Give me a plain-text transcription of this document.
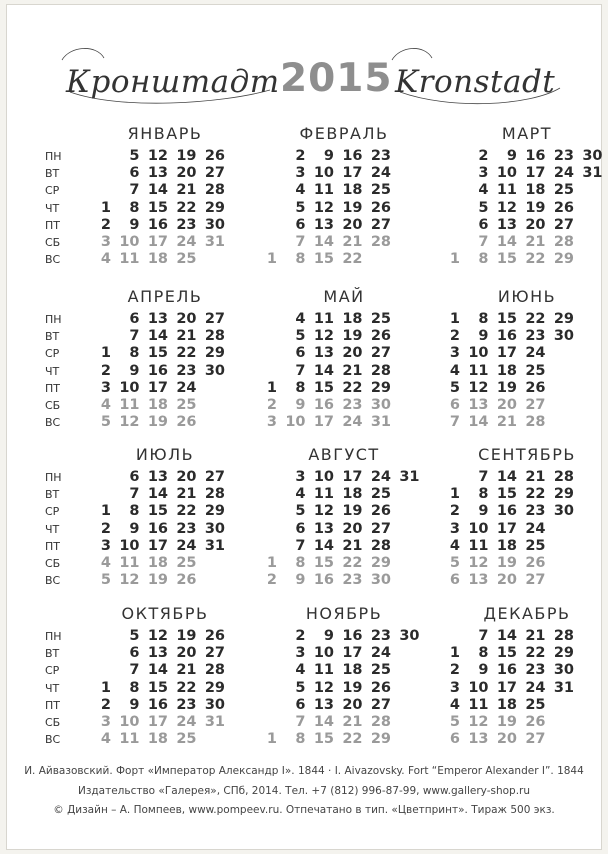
Кронштадт 2015 Kronstadt
ЯНВАРЬ
ПН
ВТ
СР
ЧТ
ПТ
СБ
ВС
1
2
3
4
5
6
7
8
9
10
11
12
13
14
15
16
17
18
19
20
21
22
23
24
25
26
27
28
29
30
31
ФЕВРАЛЬ
1
2
3
4
5
6
7
8
9
10
11
12
13
14
15
16
17
18
19
20
21
22
23
24
25
26
27
28
МАРТ
1
2
3
4
5
6
7
8
9
10
11
12
13
14
15
16
17
18
19
20
21
22
23
24
25
26
27
28
29
30
31
АПРЕЛЬ
ПН
ВТ
СР
ЧТ
ПТ
СБ
ВС
1
2
3
4
5
6
7
8
9
10
11
12
13
14
15
16
17
18
19
20
21
22
23
24
25
26
27
28
29
30
МАЙ
1
2
3
4
5
6
7
8
9
10
11
12
13
14
15
16
17
18
19
20
21
22
23
24
25
26
27
28
29
30
31
ИЮНЬ
1
2
3
4
5
6
7
8
9
10
11
12
13
14
15
16
17
18
19
20
21
22
23
24
25
26
27
28
29
30
ИЮЛЬ
ПН
ВТ
СР
ЧТ
ПТ
СБ
ВС
1
2
3
4
5
6
7
8
9
10
11
12
13
14
15
16
17
18
19
20
21
22
23
24
25
26
27
28
29
30
31
АВГУСТ
1
2
3
4
5
6
7
8
9
10
11
12
13
14
15
16
17
18
19
20
21
22
23
24
25
26
27
28
29
30
31
СЕНТЯБРЬ
1
2
3
4
5
6
7
8
9
10
11
12
13
14
15
16
17
18
19
20
21
22
23
24
25
26
27
28
29
30
ОКТЯБРЬ
ПН
ВТ
СР
ЧТ
ПТ
СБ
ВС
1
2
3
4
5
6
7
8
9
10
11
12
13
14
15
16
17
18
19
20
21
22
23
24
25
26
27
28
29
30
31
НОЯБРЬ
1
2
3
4
5
6
7
8
9
10
11
12
13
14
15
16
17
18
19
20
21
22
23
24
25
26
27
28
29
30
ДЕКАБРЬ
1
2
3
4
5
6
7
8
9
10
11
12
13
14
15
16
17
18
19
20
21
22
23
24
25
26
27
28
29
30
31
И. Айвазовский. Форт «Император Александр I». 1844 · I. Aivazovsky. Fort “Emperor Alexander I”. 1844
Издательство «Галерея», СПб, 2014. Тел. +7 (812) 996-87-99, www.gallery-shop.ru
© Дизайн – А. Помпеев, www.pompeev.ru. Отпечатано в тип. «Цветпринт». Тираж 500 экз.
